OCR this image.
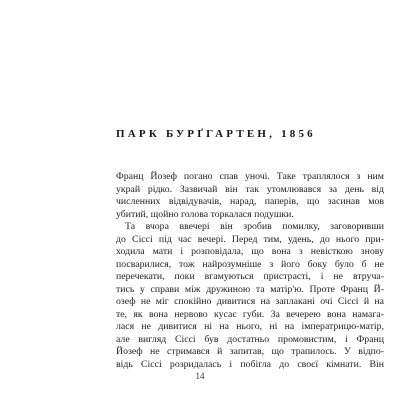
ПАРК БУРҐГАРТЕН, 1856
Франц Йозеф погано спав уночі. Таке траплялося з ним
украй рідко. Зазвичай він так утомлювався за день від
численних відвідувачів, нарад, паперів, що засинав мов
убитий, щойно голова торкалася подушки.
Та вчора ввечері він зробив помилку, заговоривши
до Сіссі під час вечері. Перед тим, удень, до нього при-
ходила мати і розповідала, що вона з невісткою знову
посварилися, тож найрозумніше з його боку було б не
перечекати, поки вгамуються пристрасті, і не втруча-
тись у справи між дружиною та матір'ю. Проте Франц Й-
озеф не міг спокійно дивитися на заплакані очі Сіссі й на
те, як вона нервово кусає губи. За вечерею вона намага-
лася не дивитися ні на нього, ні на імператрицю-матір,
але вигляд Сіссі був достатньо промовистим, і Франц
Йозеф не стримався й запитав, що трапилось. У відпо-
відь Сіссі розридалась і побігла до своєї кімнати. Він
14
